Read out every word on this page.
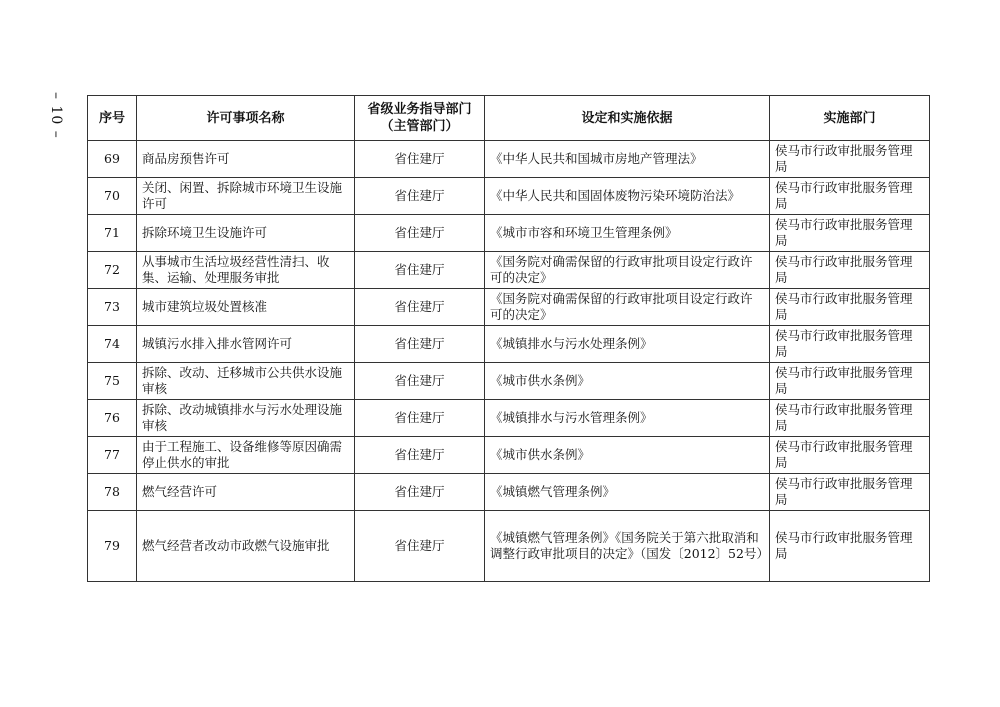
– 10 –	序号	许可事项名称	省级业务指导部门
（主管部门）	设定和实施依据	实施部门
69	商品房预售许可	省住建厅	《中华人民共和国城市房地产管理法》	侯马市行政审批服务管理局
70	关闭、闲置、拆除城市环境卫生设施许可	省住建厅	《中华人民共和国固体废物污染环境防治法》	侯马市行政审批服务管理局
71	拆除环境卫生设施许可	省住建厅	《城市市容和环境卫生管理条例》	侯马市行政审批服务管理局
72	从事城市生活垃圾经营性清扫、收集、运输、处理服务审批	省住建厅	《国务院对确需保留的行政审批项目设定行政许可的决定》	侯马市行政审批服务管理局
73	城市建筑垃圾处置核准	省住建厅	《国务院对确需保留的行政审批项目设定行政许可的决定》	侯马市行政审批服务管理局
74	城镇污水排入排水管网许可	省住建厅	《城镇排水与污水处理条例》	侯马市行政审批服务管理局
75	拆除、改动、迁移城市公共供水设施审核	省住建厅	《城市供水条例》	侯马市行政审批服务管理局
76	拆除、改动城镇排水与污水处理设施审核	省住建厅	《城镇排水与污水管理条例》	侯马市行政审批服务管理局
77	由于工程施工、设备维修等原因确需停止供水的审批	省住建厅	《城市供水条例》	侯马市行政审批服务管理局
78	燃气经营许可	省住建厅	《城镇燃气管理条例》	侯马市行政审批服务管理局
79	燃气经营者改动市政燃气设施审批	省住建厅	《城镇燃气管理条例》《国务院关于第六批取消和调整行政审批项目的决定》（国发〔2012〕52号）	侯马市行政审批服务管理局
